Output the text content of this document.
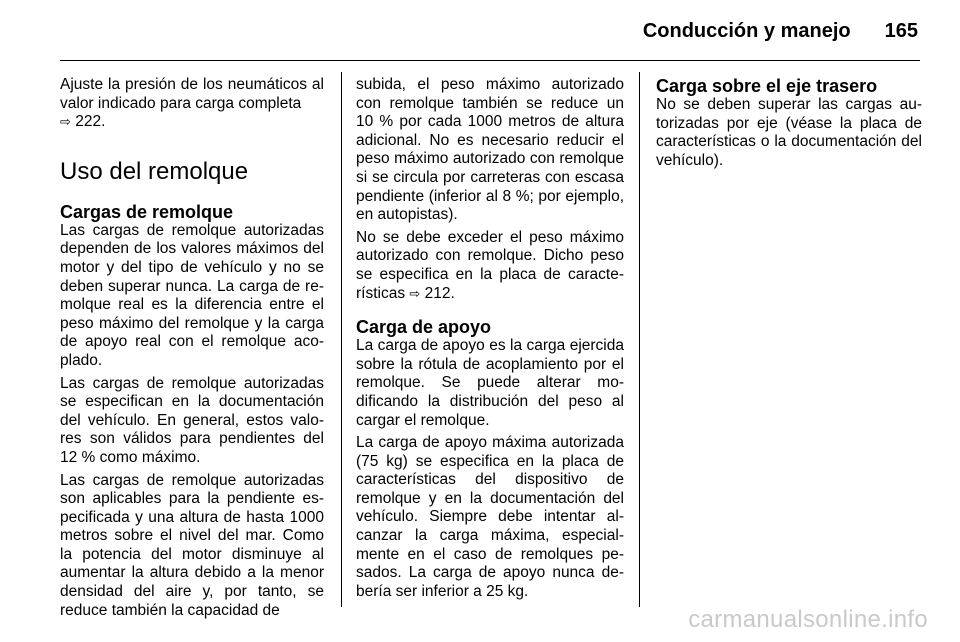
Conducción y manejo 165

Ajuste la presión de los neumáticos al valor indicado para carga completa
⇨ 222.

Uso del remolque
Cargas de remolque

Las cargas de remolque autorizadas dependen de los valores máximos del motor y del tipo de vehículo y no se deben superar nunca. La carga de remolque real es la diferencia entre el peso máximo del remolque y la carga de apoyo real con el remolque acoplado.

Las cargas de remolque autorizadas se especifican en la documentación del vehículo. En general, estos valores son válidos para pendientes del 12 % como máximo.

Las cargas de remolque autorizadas son aplicables para la pendiente especificada y una altura de hasta 1000 metros sobre el nivel del mar. Como la potencia del motor disminuye al aumentar la altura debido a la menor densidad del aire y, por tanto, se reduce también la capacidad de

subida, el peso máximo autorizado con remolque también se reduce un 10 % por cada 1000 metros de altura adicional. No es necesario reducir el peso máximo autorizado con remolque si se circula por carreteras con escasa pendiente (inferior al 8 %; por ejemplo, en autopistas).

No se debe exceder el peso máximo autorizado con remolque. Dicho peso se especifica en la placa de características ⇨ 212.

Carga de apoyo

La carga de apoyo es la carga ejercida sobre la rótula de acoplamiento por el remolque. Se puede alterar modificando la distribución del peso al cargar el remolque.

La carga de apoyo máxima autorizada (75 kg) se especifica en la placa de características del dispositivo de remolque y en la documentación del vehículo. Siempre debe intentar alcanzar la carga máxima, especialmente en el caso de remolques pesados. La carga de apoyo nunca debería ser inferior a 25 kg.

Carga sobre el eje trasero

No se deben superar las cargas autorizadas por eje (véase la placa de características o la documentación del vehículo).

carmanualsonline.info
